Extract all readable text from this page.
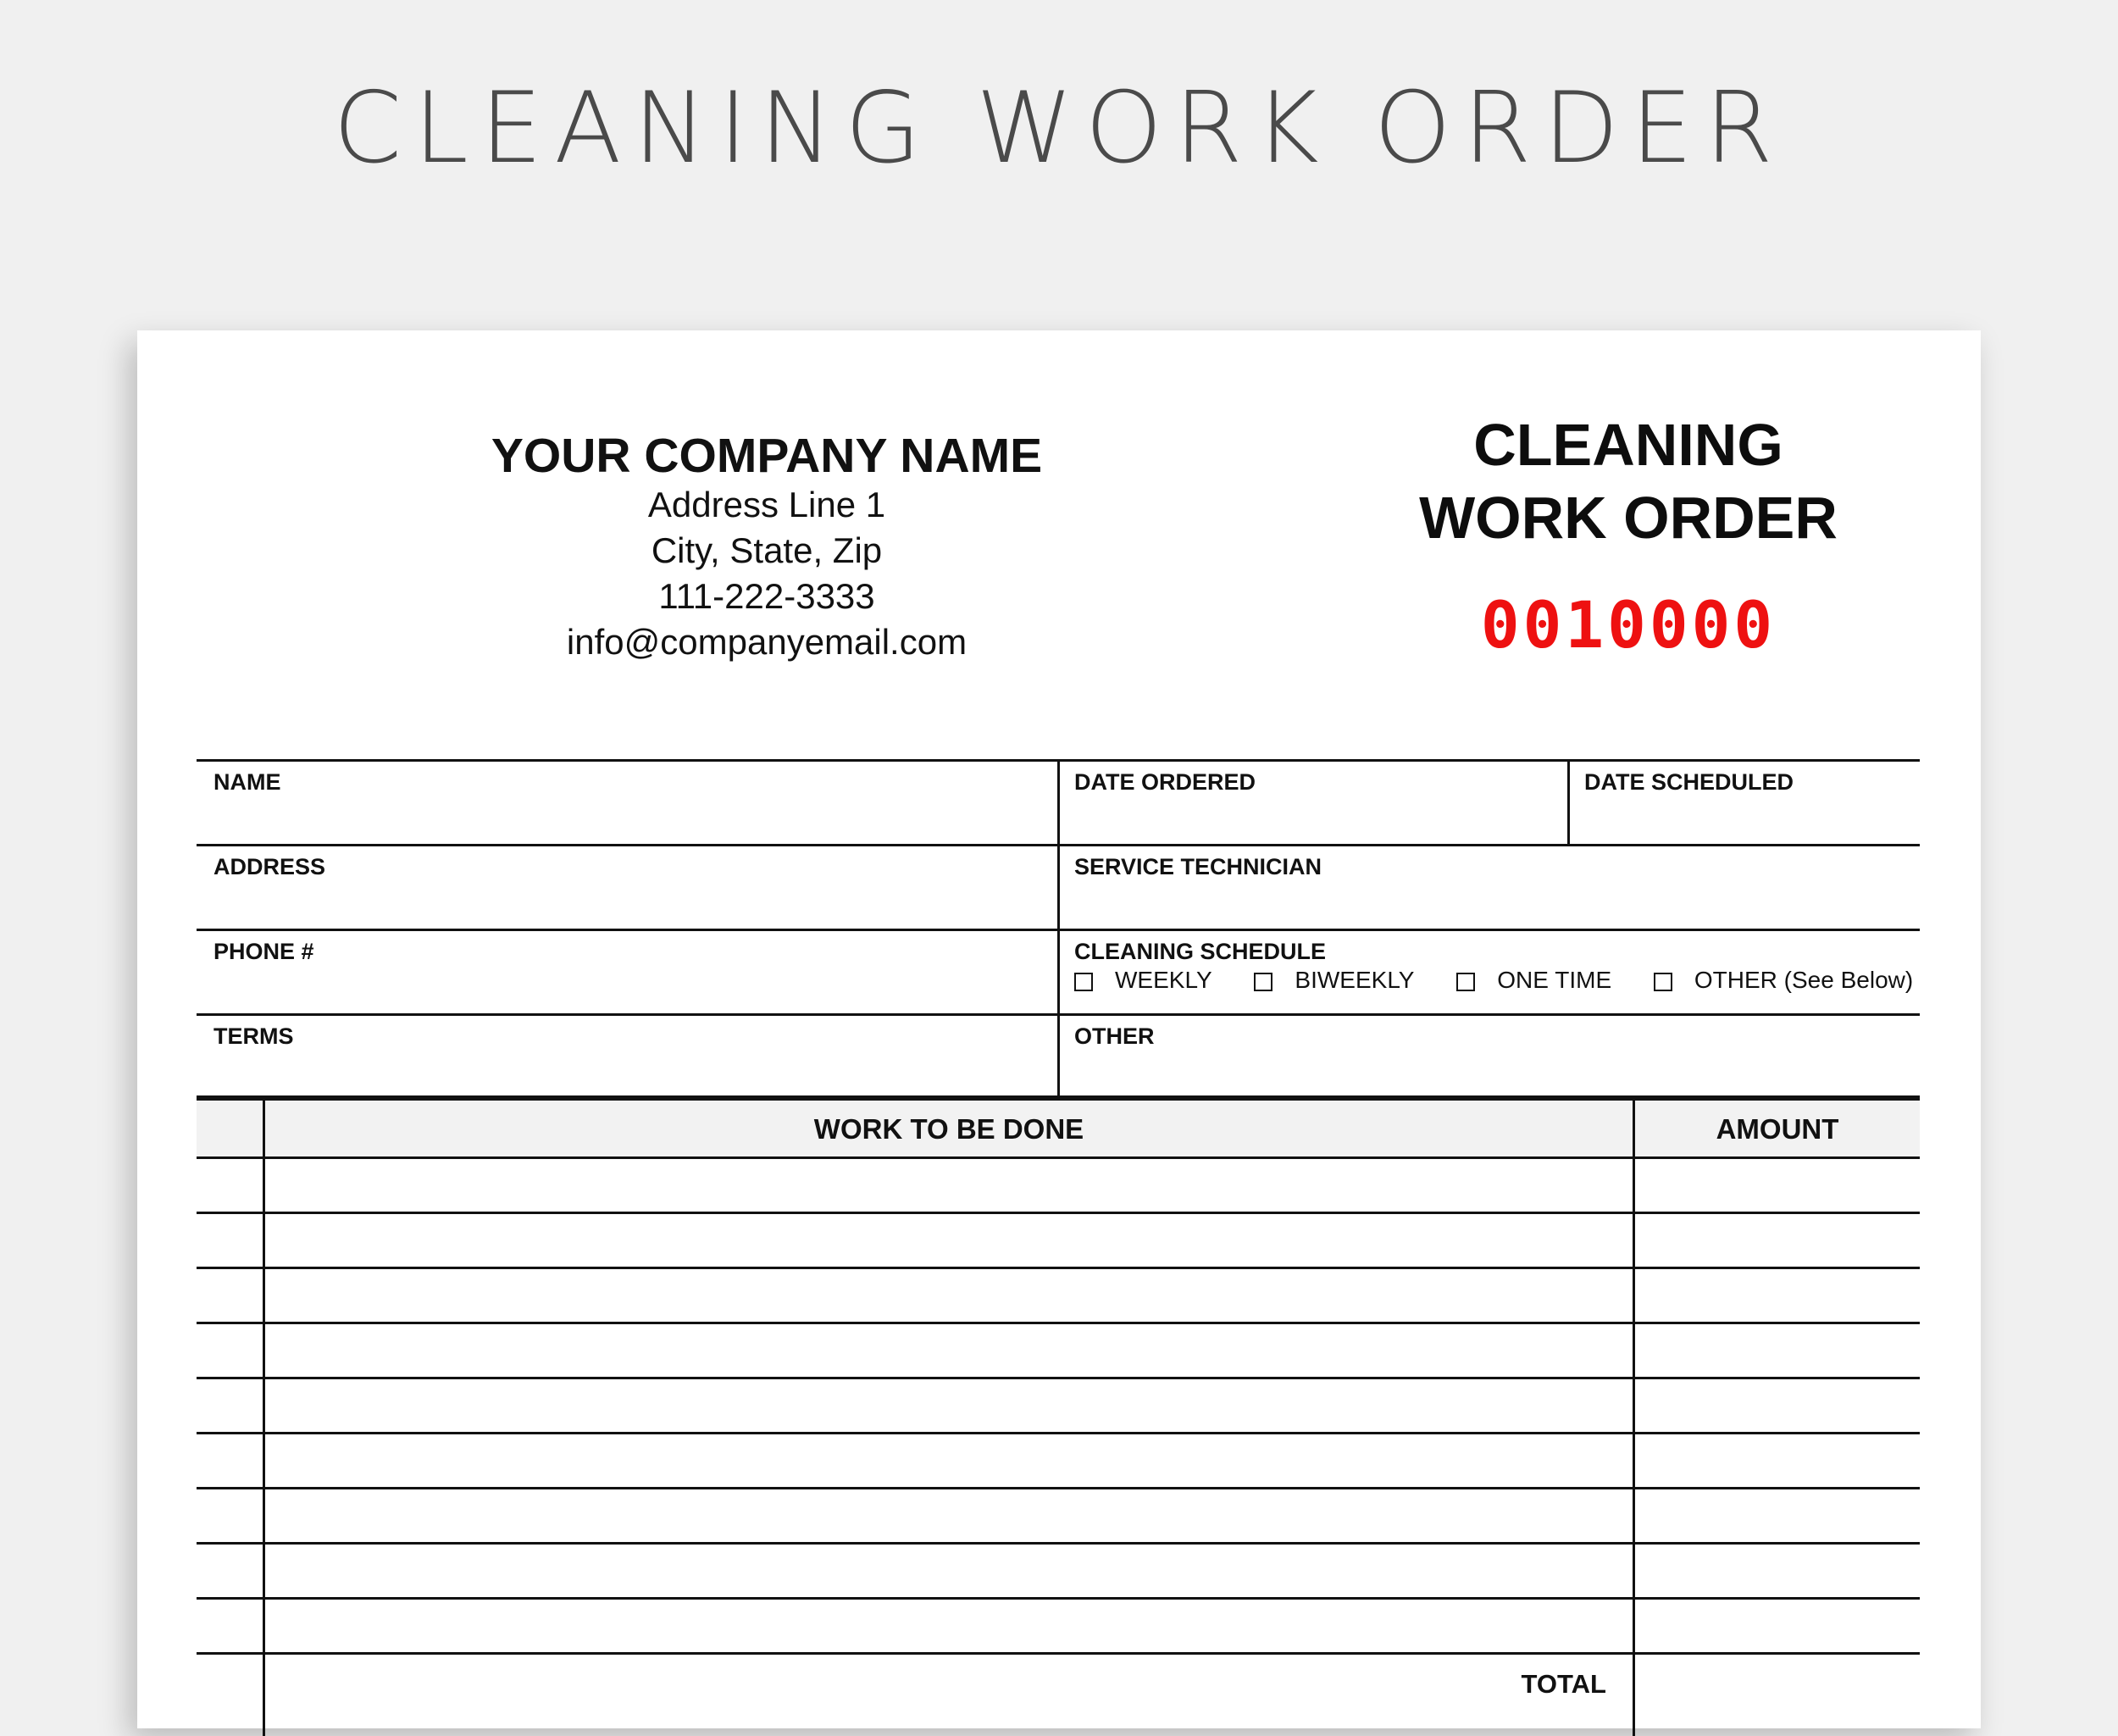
CLEANING WORK ORDER
YOUR COMPANY NAME
Address Line 1
City, State, Zip
111-222-3333
info@companyemail.com
CLEANING
WORK ORDER
0010000
NAME	DATE ORDERED	DATE SCHEDULED
ADDRESS	SERVICE TECHNICIAN
PHONE #	CLEANING SCHEDULE
WEEKLY	BIWEEKLY	ONE TIME	OTHER (See Below)
TERMS	OTHER
WORK TO BE DONE	AMOUNT
TOTAL
